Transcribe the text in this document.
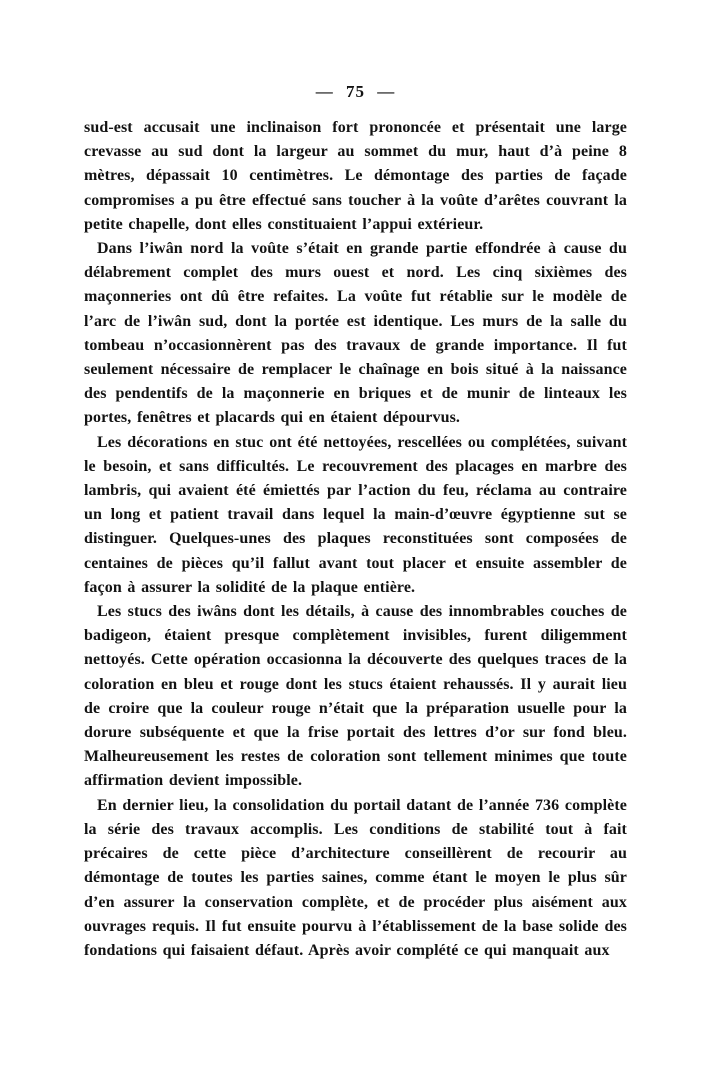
— 75 —

sud-est accusait une inclinaison fort prononcée et présentait une large crevasse au sud dont la largeur au sommet du mur, haut d’à peine 8 mètres, dépassait 10 centimètres. Le démontage des parties de façade compromises a pu être effectué sans toucher à la voûte d’arêtes couvrant la petite chapelle, dont elles constituaient l’appui extérieur.

Dans l’iwân nord la voûte s’était en grande partie effondrée à cause du délabrement complet des murs ouest et nord. Les cinq sixièmes des maçonneries ont dû être refaites. La voûte fut rétablie sur le modèle de l’arc de l’iwân sud, dont la portée est identique. Les murs de la salle du tombeau n’occasionnèrent pas des travaux de grande importance. Il fut seulement nécessaire de remplacer le chaînage en bois situé à la naissance des pendentifs de la maçonnerie en briques et de munir de linteaux les portes, fenêtres et placards qui en étaient dépourvus.

Les décorations en stuc ont été nettoyées, rescellées ou complétées, suivant le besoin, et sans difficultés. Le recouvrement des placages en marbre des lambris, qui avaient été émiettés par l’action du feu, réclama au contraire un long et patient travail dans lequel la main-d’œuvre égyptienne sut se distinguer. Quelques-unes des plaques reconstituées sont composées de centaines de pièces qu’il fallut avant tout placer et ensuite assembler de façon à assurer la solidité de la plaque entière.

Les stucs des iwâns dont les détails, à cause des innombrables couches de badigeon, étaient presque complètement invisibles, furent diligemment nettoyés. Cette opération occasionna la découverte des quelques traces de la coloration en bleu et rouge dont les stucs étaient rehaussés. Il y aurait lieu de croire que la couleur rouge n’était que la préparation usuelle pour la dorure subséquente et que la frise portait des lettres d’or sur fond bleu. Malheureusement les restes de coloration sont tellement minimes que toute affirmation devient impossible.

En dernier lieu, la consolidation du portail datant de l’année 736 complète la série des travaux accomplis. Les conditions de stabilité tout à fait précaires de cette pièce d’architecture conseillèrent de recourir au démontage de toutes les parties saines, comme étant le moyen le plus sûr d’en assurer la conservation complète, et de procéder plus aisément aux ouvrages requis. Il fut ensuite pourvu à l’établissement de la base solide des fondations qui faisaient défaut. Après avoir complété ce qui manquait aux
